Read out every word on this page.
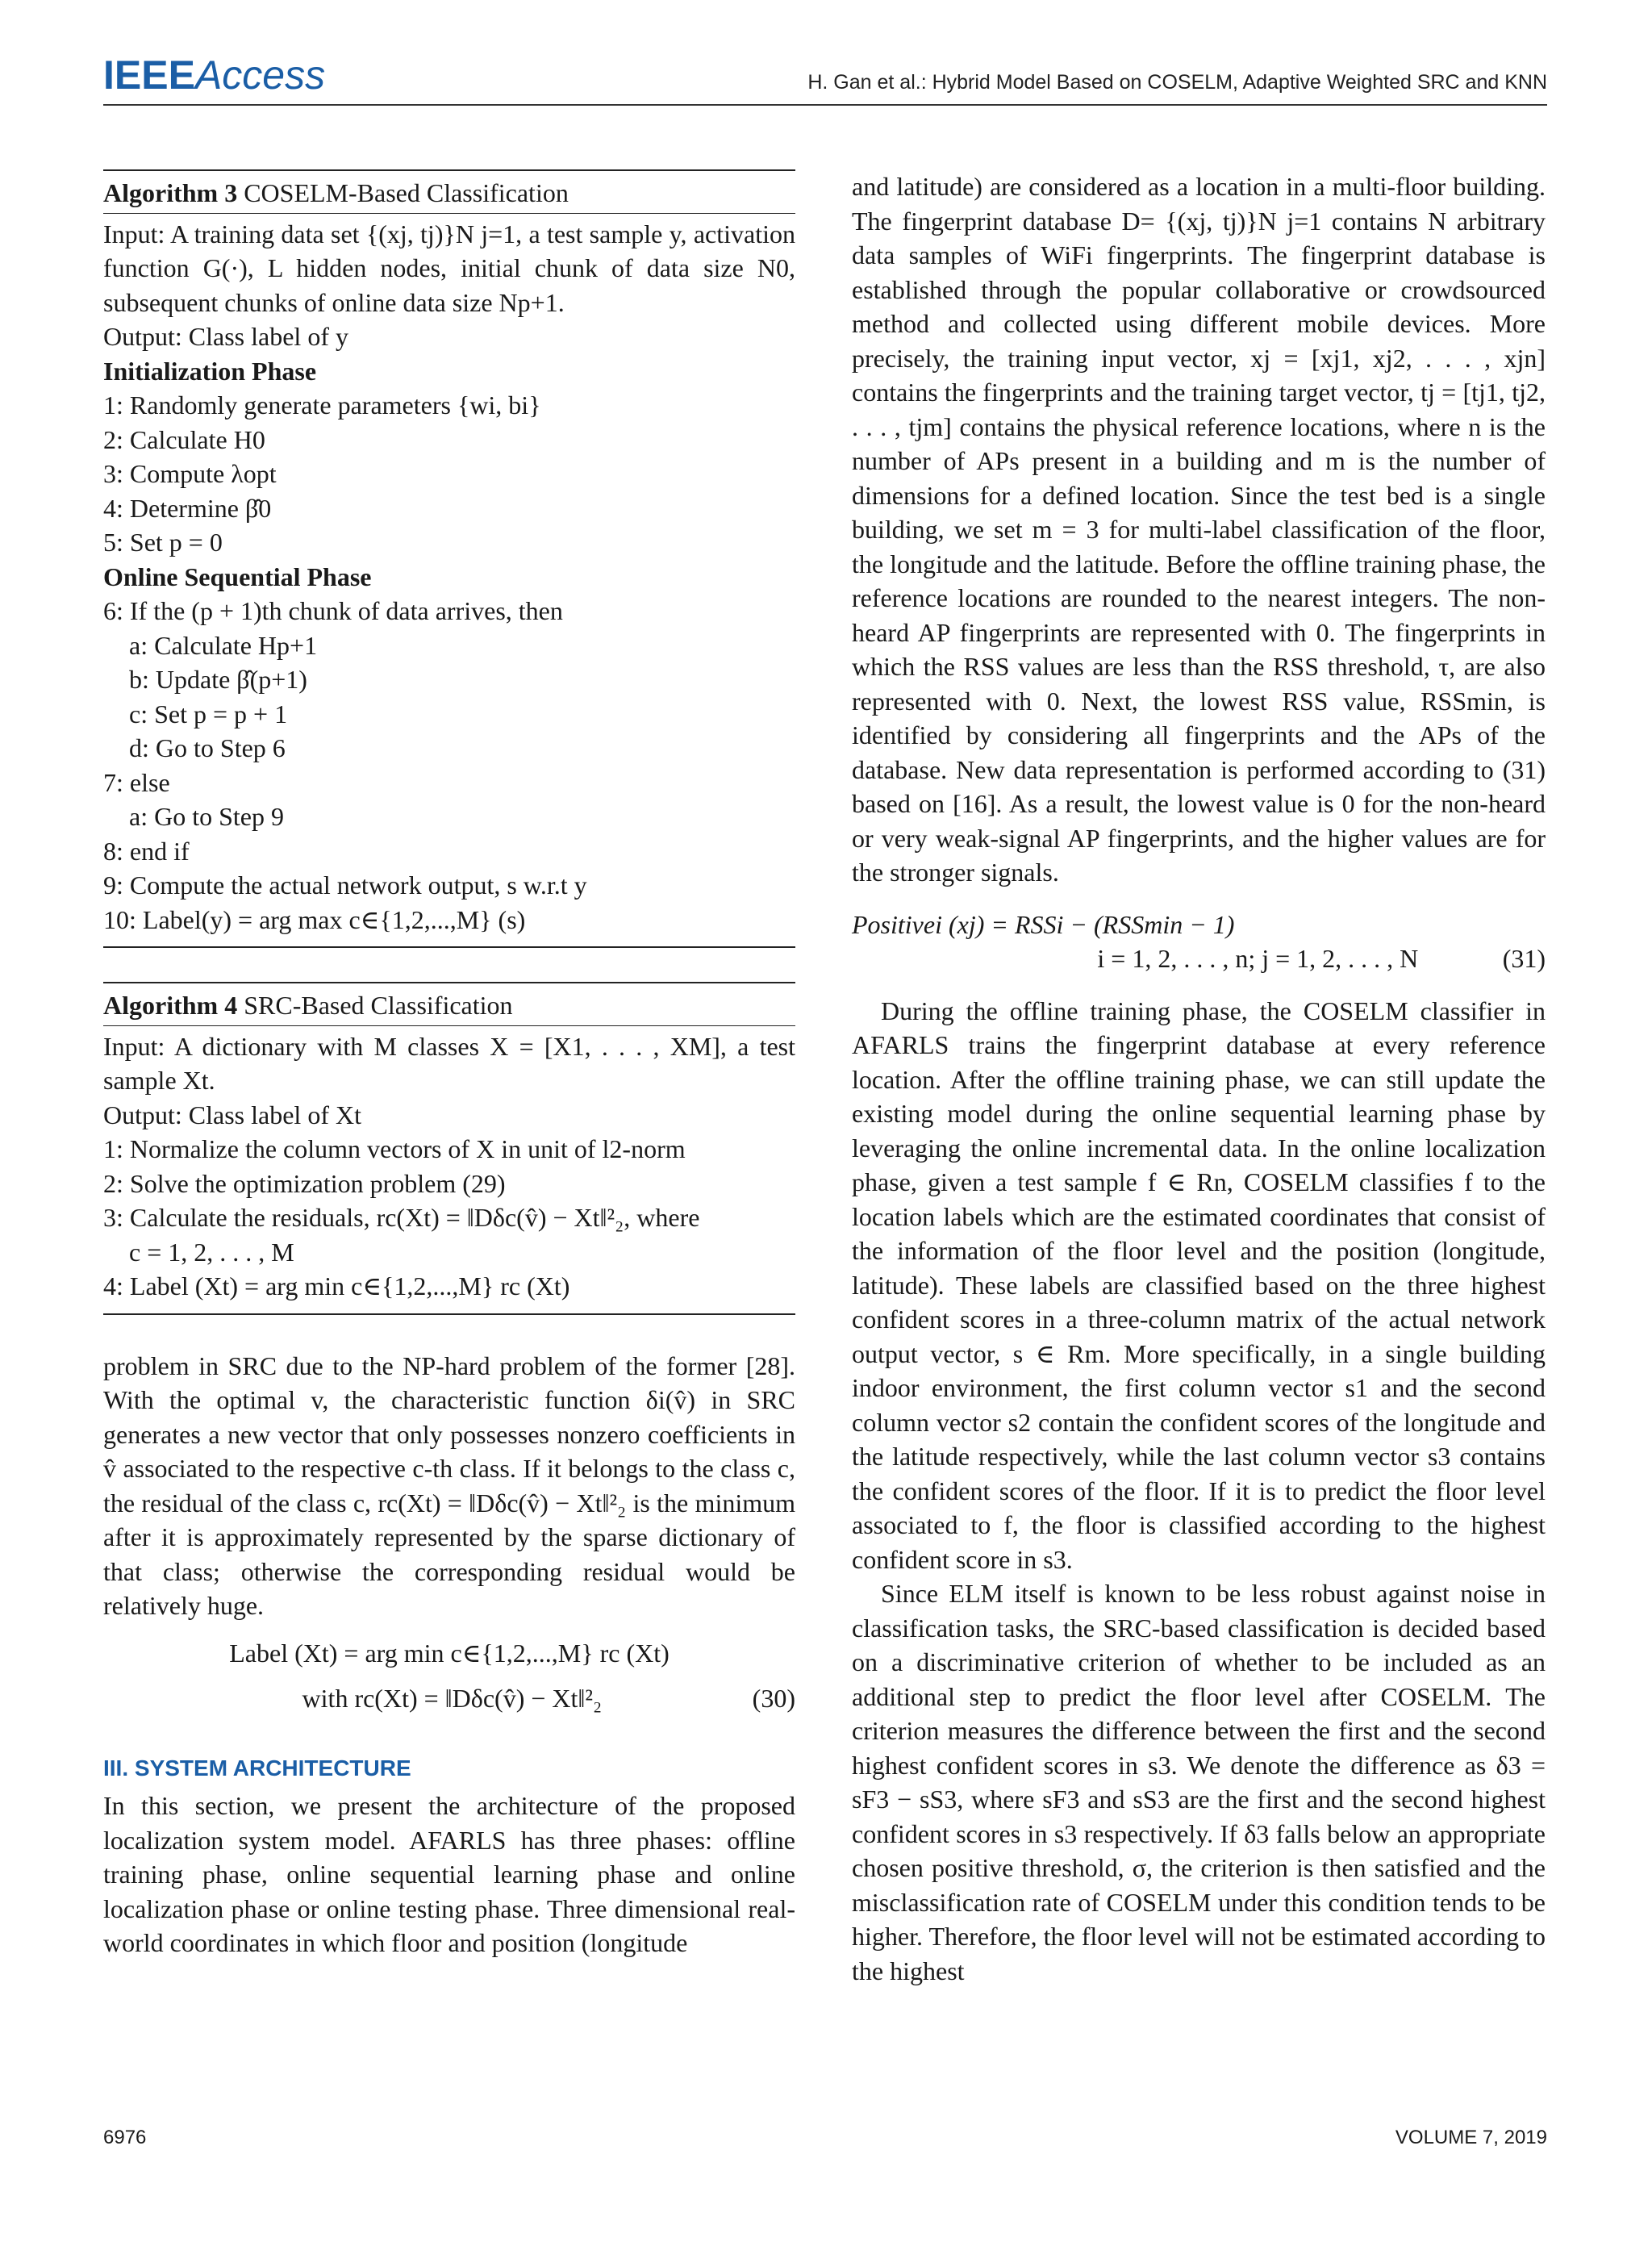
IEEEAccess	H. Gan et al.: Hybrid Model Based on COSELM, Adaptive Weighted SRC and KNN
Algorithm 3 COSELM-Based Classification
Input: A training data set {(xj, tj)}N j=1, a test sample y, activation function G(·), L hidden nodes, initial chunk of data size N0, subsequent chunks of online data size Np+1.
Output: Class label of y
Initialization Phase
1: Randomly generate parameters {wi, bi}
2: Calculate H0
3: Compute λopt
4: Determine β̂0
5: Set p = 0
Online Sequential Phase
6: If the (p + 1)th chunk of data arrives, then
a: Calculate Hp+1
b: Update β̂(p+1)
c: Set p = p + 1
d: Go to Step 6
7: else
a: Go to Step 9
8: end if
9: Compute the actual network output, s w.r.t y
10: Label(y) = arg max c∈{1,2,...,M} (s)
Algorithm 4 SRC-Based Classification
Input: A dictionary with M classes X = [X1, . . . , XM], a test sample Xt.
Output: Class label of Xt
1: Normalize the column vectors of X in unit of l2-norm
2: Solve the optimization problem (29)
3: Calculate the residuals, rc(Xt) = ‖Dδc(v̂) − Xt‖²₂, where
c = 1, 2, . . . , M
4: Label (Xt) = arg min c∈{1,2,...,M} rc (Xt)

problem in SRC due to the NP-hard problem of the former [28]. With the optimal v, the characteristic function δi(v̂) in SRC generates a new vector that only possesses nonzero coefficients in v̂ associated to the respective c-th class. If it belongs to the class c, the residual of the class c, rc(Xt) = ‖Dδc(v̂) − Xt‖²₂ is the minimum after it is approximately represented by the sparse dictionary of that class; otherwise the corresponding residual would be relatively huge.

Label (Xt) = arg min c∈{1,2,...,M} rc (Xt)
with rc(Xt) = ‖Dδc(v̂) − Xt‖²₂	(30)
III. SYSTEM ARCHITECTURE

In this section, we present the architecture of the proposed localization system model. AFARLS has three phases: offline training phase, online sequential learning phase and online localization phase or online testing phase. Three dimensional real-world coordinates in which floor and position (longitude

and latitude) are considered as a location in a multi-floor building. The fingerprint database D= {(xj, tj)}N j=1 contains N arbitrary data samples of WiFi fingerprints. The fingerprint database is established through the popular collaborative or crowdsourced method and collected using different mobile devices. More precisely, the training input vector, xj = [xj1, xj2, . . . , xjn] contains the fingerprints and the training target vector, tj = [tj1, tj2, . . . , tjm] contains the physical reference locations, where n is the number of APs present in a building and m is the number of dimensions for a defined location. Since the test bed is a single building, we set m = 3 for multi-label classification of the floor, the longitude and the latitude. Before the offline training phase, the reference locations are rounded to the nearest integers. The non-heard AP fingerprints are represented with 0. The fingerprints in which the RSS values are less than the RSS threshold, τ, are also represented with 0. Next, the lowest RSS value, RSSmin, is identified by considering all fingerprints and the APs of the database. New data representation is performed according to (31) based on [16]. As a result, the lowest value is 0 for the non-heard or very weak-signal AP fingerprints, and the higher values are for the stronger signals.

Positivei (xj) = RSSi − (RSSmin − 1)
i = 1, 2, . . . , n; j = 1, 2, . . . , N	(31)

During the offline training phase, the COSELM classifier in AFARLS trains the fingerprint database at every reference location. After the offline training phase, we can still update the existing model during the online sequential learning phase by leveraging the online incremental data. In the online localization phase, given a test sample f ∈ Rn, COSELM classifies f to the location labels which are the estimated coordinates that consist of the information of the floor level and the position (longitude, latitude). These labels are classified based on the three highest confident scores in a three-column matrix of the actual network output vector, s ∈ Rm. More specifically, in a single building indoor environment, the first column vector s1 and the second column vector s2 contain the confident scores of the longitude and the latitude respectively, while the last column vector s3 contains the confident scores of the floor. If it is to predict the floor level associated to f, the floor is classified according to the highest confident score in s3.

Since ELM itself is known to be less robust against noise in classification tasks, the SRC-based classification is decided based on a discriminative criterion of whether to be included as an additional step to predict the floor level after COSELM. The criterion measures the difference between the first and the second highest confident scores in s3. We denote the difference as δ3 = sF3 − sS3, where sF3 and sS3 are the first and the second highest confident scores in s3 respectively. If δ3 falls below an appropriate chosen positive threshold, σ, the criterion is then satisfied and the misclassification rate of COSELM under this condition tends to be higher. Therefore, the floor level will not be estimated according to the highest

6976	VOLUME 7, 2019
